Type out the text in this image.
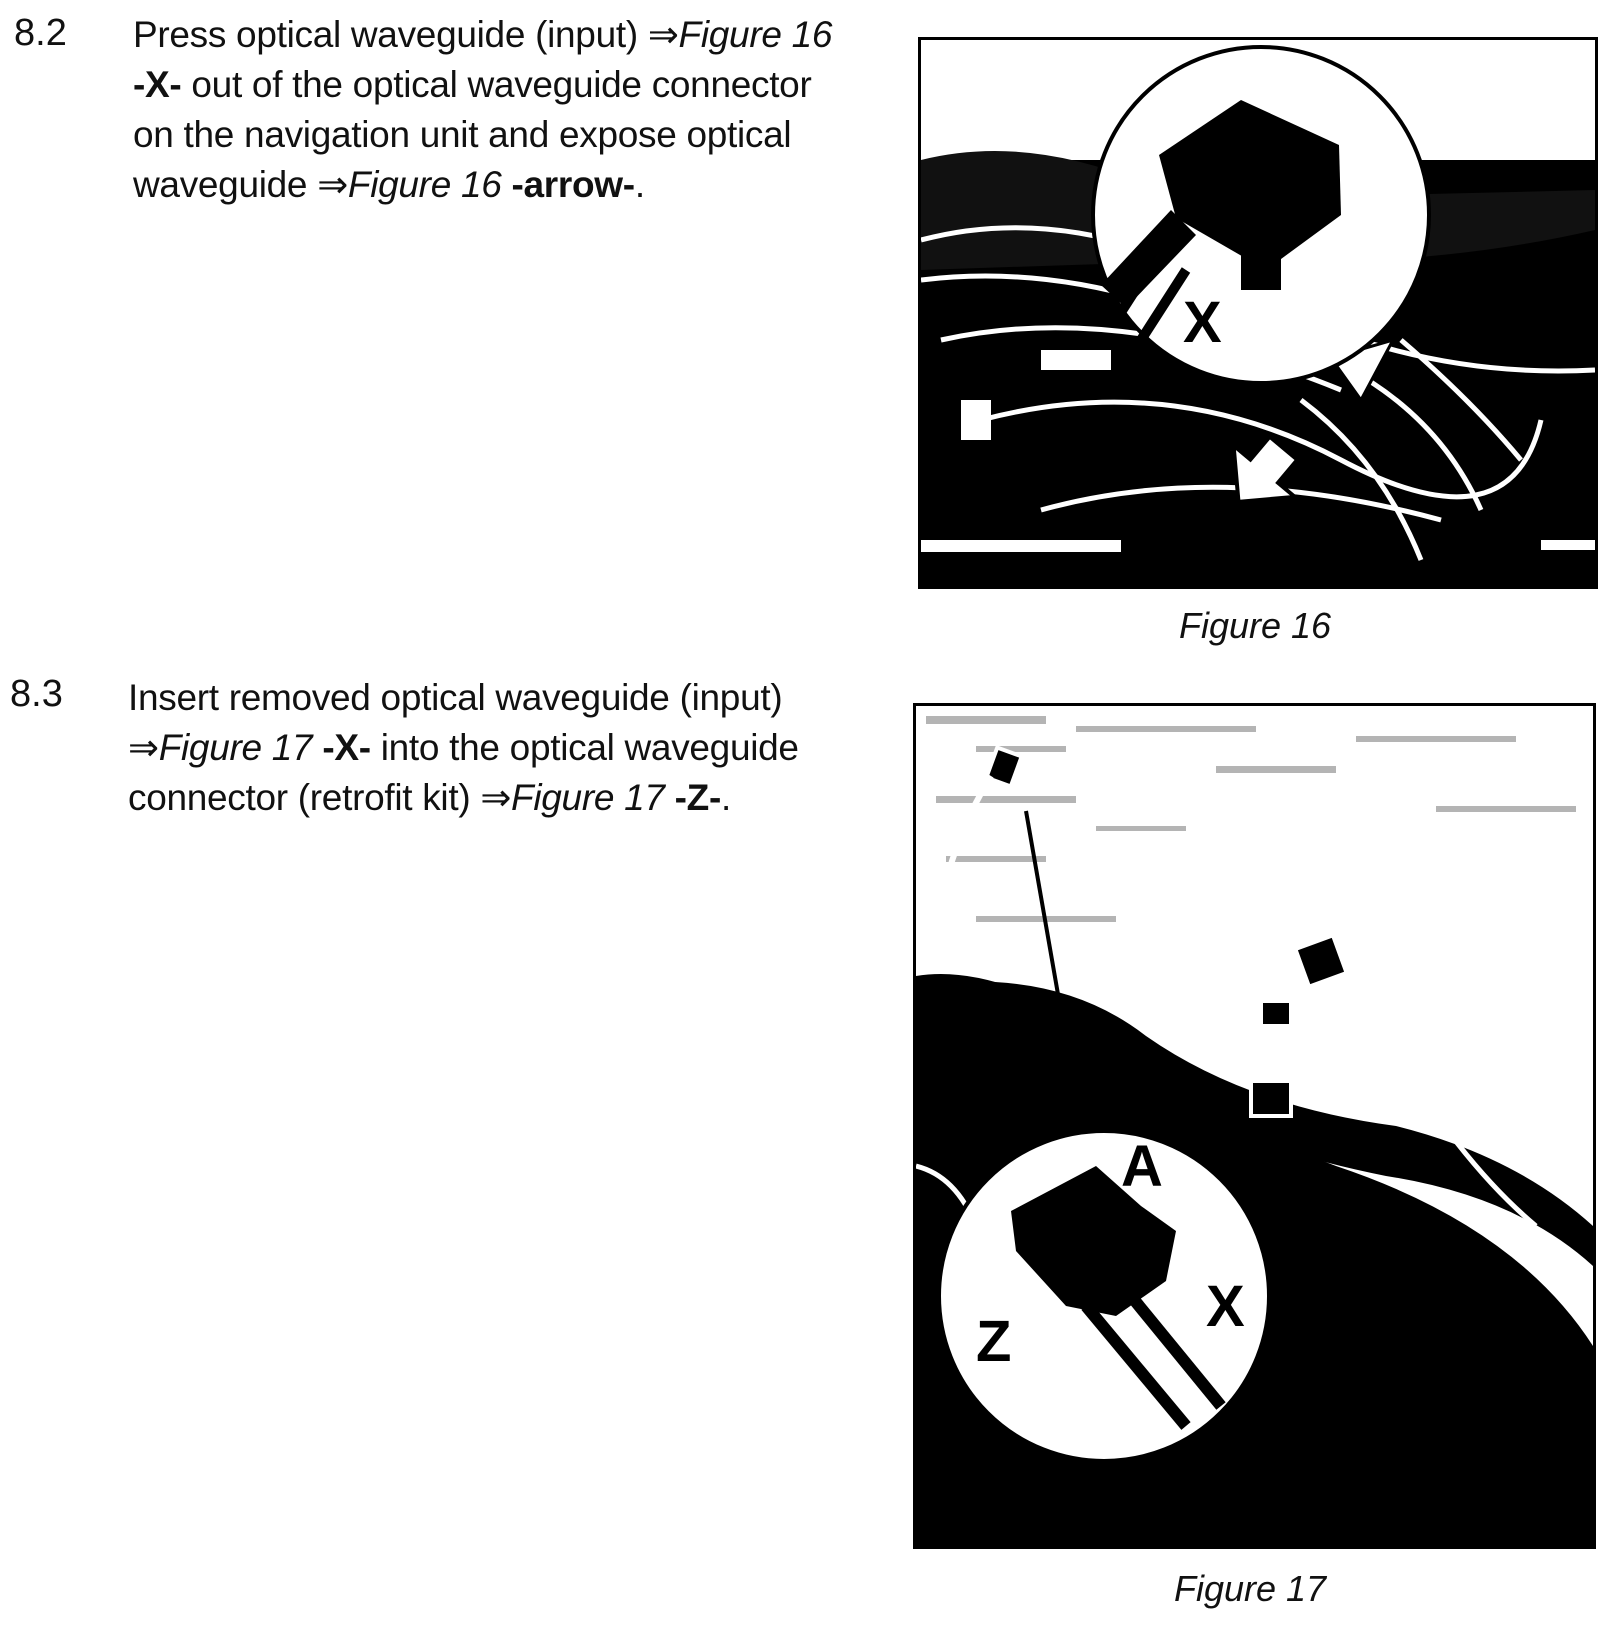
8.2 Press optical waveguide (input) ⇒Figure 16 -X- out of the optical waveguide connector on the navigation unit and expose optical waveguide ⇒Figure 16 -arrow-.
X
Figure 16
8.3 Insert removed optical waveguide (input) ⇒Figure 17 -X- into the optical waveguide connector (retrofit kit) ⇒Figure 17 -Z-.
A
Z
X
Figure 17
